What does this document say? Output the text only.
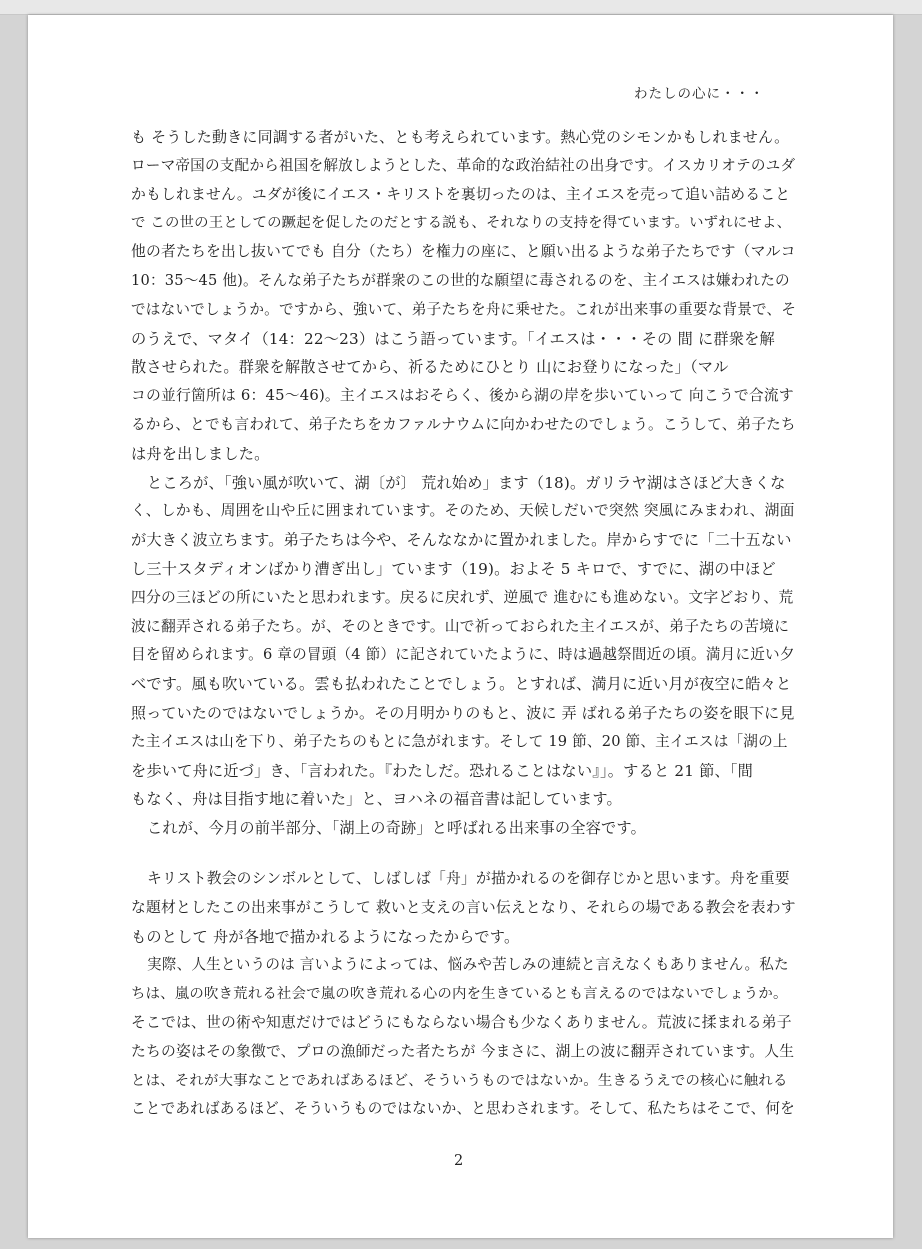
わたしの心に・・・
も そうした動きに同調する者がいた、とも考えられています。熱心党のシモンかもしれません。
ローマ帝国の支配から祖国を解放しようとした、革命的な政治結社の出身です。イスカリオテのユダ
かもしれません。ユダが後にイエス・キリストを裏切ったのは、主イエスを売って追い詰めること
で この世の王としての蹶起を促したのだとする説も、それなりの支持を得ています。いずれにせよ、
他の者たちを出し抜いてでも 自分（たち）を権力の座に、と願い出るような弟子たちです（マルコ
10：35〜45 他)。そんな弟子たちが群衆のこの世的な願望に毒されるのを、主イエスは嫌われたの
ではないでしょうか。ですから、強いて、弟子たちを舟に乗せた。これが出来事の重要な背景で、そ
のうえで、マタイ（14：22〜23）はこう語っています。「イエスは・・・その 間 に群衆を解
散させられた。群衆を解散させてから、祈るためにひとり 山にお登りになった」（マル
コの並行箇所は 6：45〜46)。主イエスはおそらく、後から湖の岸を歩いていって 向こうで合流す
るから、とでも言われて、弟子たちをカファルナウムに向かわせたのでしょう。こうして、弟子たち
は舟を出しました。
ところが、「強い風が吹いて、湖〔が〕 荒れ始め」ます（18)。ガリラヤ湖はさほど大きくな
く、しかも、周囲を山や丘に囲まれています。そのため、天候しだいで突然 突風にみまわれ、湖面
が大きく波立ちます。弟子たちは今や、そんななかに置かれました。岸からすでに「二十五ない
し三十スタディオンばかり漕ぎ出し」ています（19)。およそ 5 キロで、すでに、湖の中ほど
四分の三ほどの所にいたと思われます。戻るに戻れず、逆風で 進むにも進めない。文字どおり、荒
波に翻弄される弟子たち。が、そのときです。山で祈っておられた主イエスが、弟子たちの苦境に
目を留められます。6 章の冒頭（4 節）に記されていたように、時は過越祭間近の頃。満月に近い夕
べです。風も吹いている。雲も払われたことでしょう。とすれば、満月に近い月が夜空に皓々と
照っていたのではないでしょうか。その月明かりのもと、波に 弄 ばれる弟子たちの姿を眼下に見
た主イエスは山を下り、弟子たちのもとに急がれます。そして 19 節、20 節、主イエスは「湖の上
を歩いて舟に近づ」き、「言われた。『わたしだ。恐れることはない』」。すると 21 節、「間
もなく、舟は目指す地に着いた」と、ヨハネの福音書は記しています。
これが、今月の前半部分、「湖上の奇跡」と呼ばれる出来事の全容です。
キリスト教会のシンボルとして、しばしば「舟」が描かれるのを御存じかと思います。舟を重要
な題材としたこの出来事がこうして 救いと支えの言い伝えとなり、それらの場である教会を表わす
ものとして 舟が各地で描かれるようになったからです。
実際、人生というのは 言いようによっては、悩みや苦しみの連続と言えなくもありません。私た
ちは、嵐の吹き荒れる社会で嵐の吹き荒れる心の内を生きているとも言えるのではないでしょうか。
そこでは、世の術や知恵だけではどうにもならない場合も少なくありません。荒波に揉まれる弟子
たちの姿はその象徴で、プロの漁師だった者たちが 今まさに、湖上の波に翻弄されています。人生
とは、それが大事なことであればあるほど、そういうものではないか。生きるうえでの核心に触れる
ことであればあるほど、そういうものではないか、と思わされます。そして、私たちはそこで、何を
2
